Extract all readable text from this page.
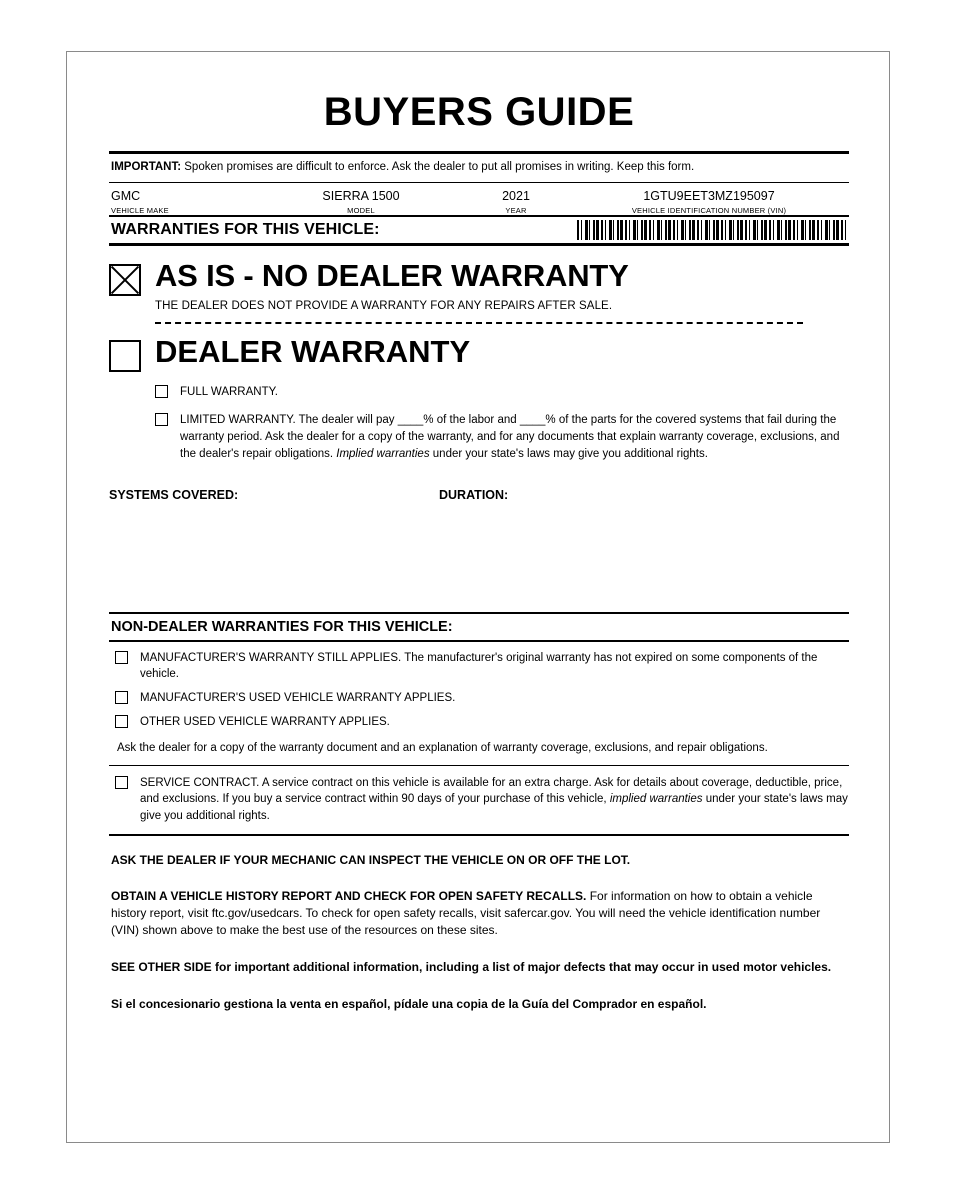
BUYERS GUIDE
IMPORTANT: Spoken promises are difficult to enforce. Ask the dealer to put all promises in writing. Keep this form.
GMC
VEHICLE MAKE
SIERRA 1500
MODEL
2021
YEAR
1GTU9EET3MZ195097
VEHICLE IDENTIFICATION NUMBER (VIN)
WARRANTIES FOR THIS VEHICLE:
AS IS - NO DEALER WARRANTY
THE DEALER DOES NOT PROVIDE A WARRANTY FOR ANY REPAIRS AFTER SALE.
DEALER WARRANTY
FULL WARRANTY.
LIMITED WARRANTY. The dealer will pay ____% of the labor and ____% of the parts for the covered systems that fail during the warranty period. Ask the dealer for a copy of the warranty, and for any documents that explain warranty coverage, exclusions, and the dealer's repair obligations. Implied warranties under your state's laws may give you additional rights.
SYSTEMS COVERED:	DURATION:
NON-DEALER WARRANTIES FOR THIS VEHICLE:
MANUFACTURER'S WARRANTY STILL APPLIES. The manufacturer's original warranty has not expired on some components of the vehicle.
MANUFACTURER'S USED VEHICLE WARRANTY APPLIES.
OTHER USED VEHICLE WARRANTY APPLIES.
Ask the dealer for a copy of the warranty document and an explanation of warranty coverage, exclusions, and repair obligations.
SERVICE CONTRACT. A service contract on this vehicle is available for an extra charge. Ask for details about coverage, deductible, price, and exclusions. If you buy a service contract within 90 days of your purchase of this vehicle, implied warranties under your state's laws may give you additional rights.
ASK THE DEALER IF YOUR MECHANIC CAN INSPECT THE VEHICLE ON OR OFF THE LOT.
OBTAIN A VEHICLE HISTORY REPORT AND CHECK FOR OPEN SAFETY RECALLS. For information on how to obtain a vehicle history report, visit ftc.gov/usedcars. To check for open safety recalls, visit safercar.gov. You will need the vehicle identification number (VIN) shown above to make the best use of the resources on these sites.
SEE OTHER SIDE for important additional information, including a list of major defects that may occur in used motor vehicles.
Si el concesionario gestiona la venta en español, pídale una copia de la Guía del Comprador en español.
